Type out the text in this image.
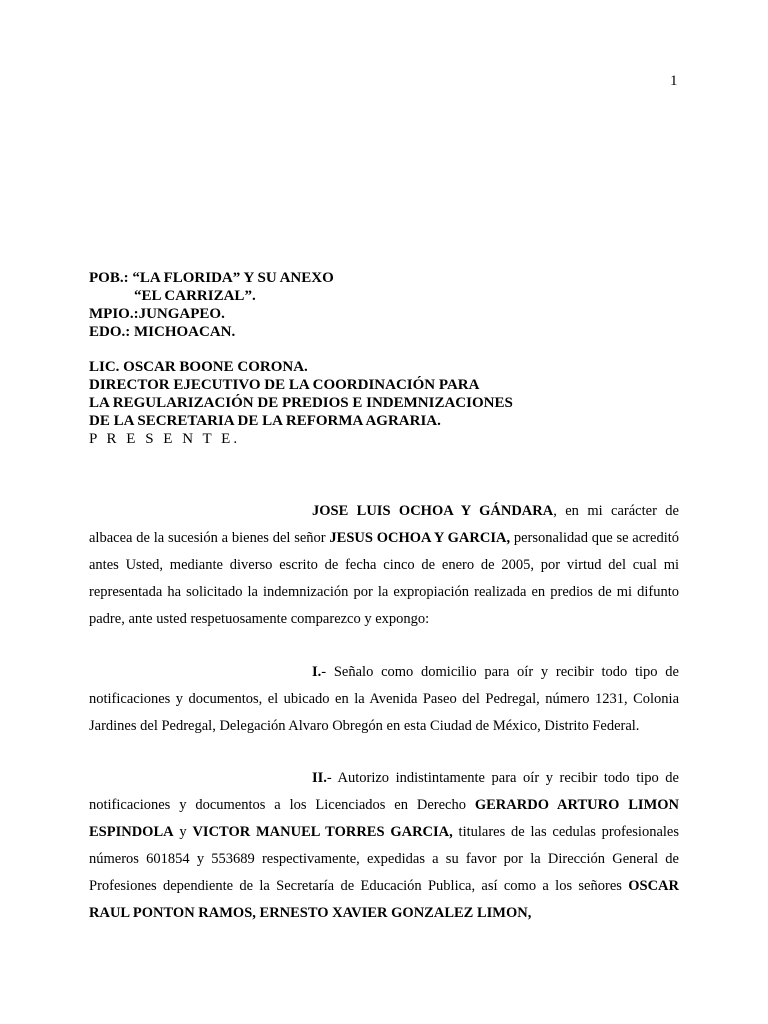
1
POB.: “LA FLORIDA” Y SU ANEXO
“EL CARRIZAL”.
MPIO.:JUNGAPEO.
EDO.: MICHOACAN.
LIC. OSCAR BOONE CORONA.
DIRECTOR EJECUTIVO DE LA COORDINACIÓN PARA
LA REGULARIZACIÓN DE PREDIOS E INDEMNIZACIONES
DE LA SECRETARIA DE LA REFORMA AGRARIA.
P R E S E N T E.
JOSE LUIS OCHOA Y GÁNDARA, en mi carácter de albacea de la sucesión a bienes del señor JESUS OCHOA Y GARCIA, personalidad que se acreditó antes Usted, mediante diverso escrito de fecha cinco de enero de 2005, por virtud del cual mi representada ha solicitado la indemnización por la expropiación realizada en predios de mi difunto padre, ante usted respetuosamente comparezco y expongo:
I.- Señalo como domicilio para oír y recibir todo tipo de notificaciones y documentos, el ubicado en la Avenida Paseo del Pedregal, número 1231, Colonia Jardines del Pedregal, Delegación Alvaro Obregón en esta Ciudad de México, Distrito Federal.
II.- Autorizo indistintamente para oír y recibir todo tipo de notificaciones y documentos a los Licenciados en Derecho GERARDO ARTURO LIMON ESPINDOLA y VICTOR MANUEL TORRES GARCIA, titulares de las cedulas profesionales números 601854 y 553689 respectivamente, expedidas a su favor por la Dirección General de Profesiones dependiente de la Secretaría de Educación Publica, así como a los señores OSCAR RAUL PONTON RAMOS, ERNESTO XAVIER GONZALEZ LIMON,
